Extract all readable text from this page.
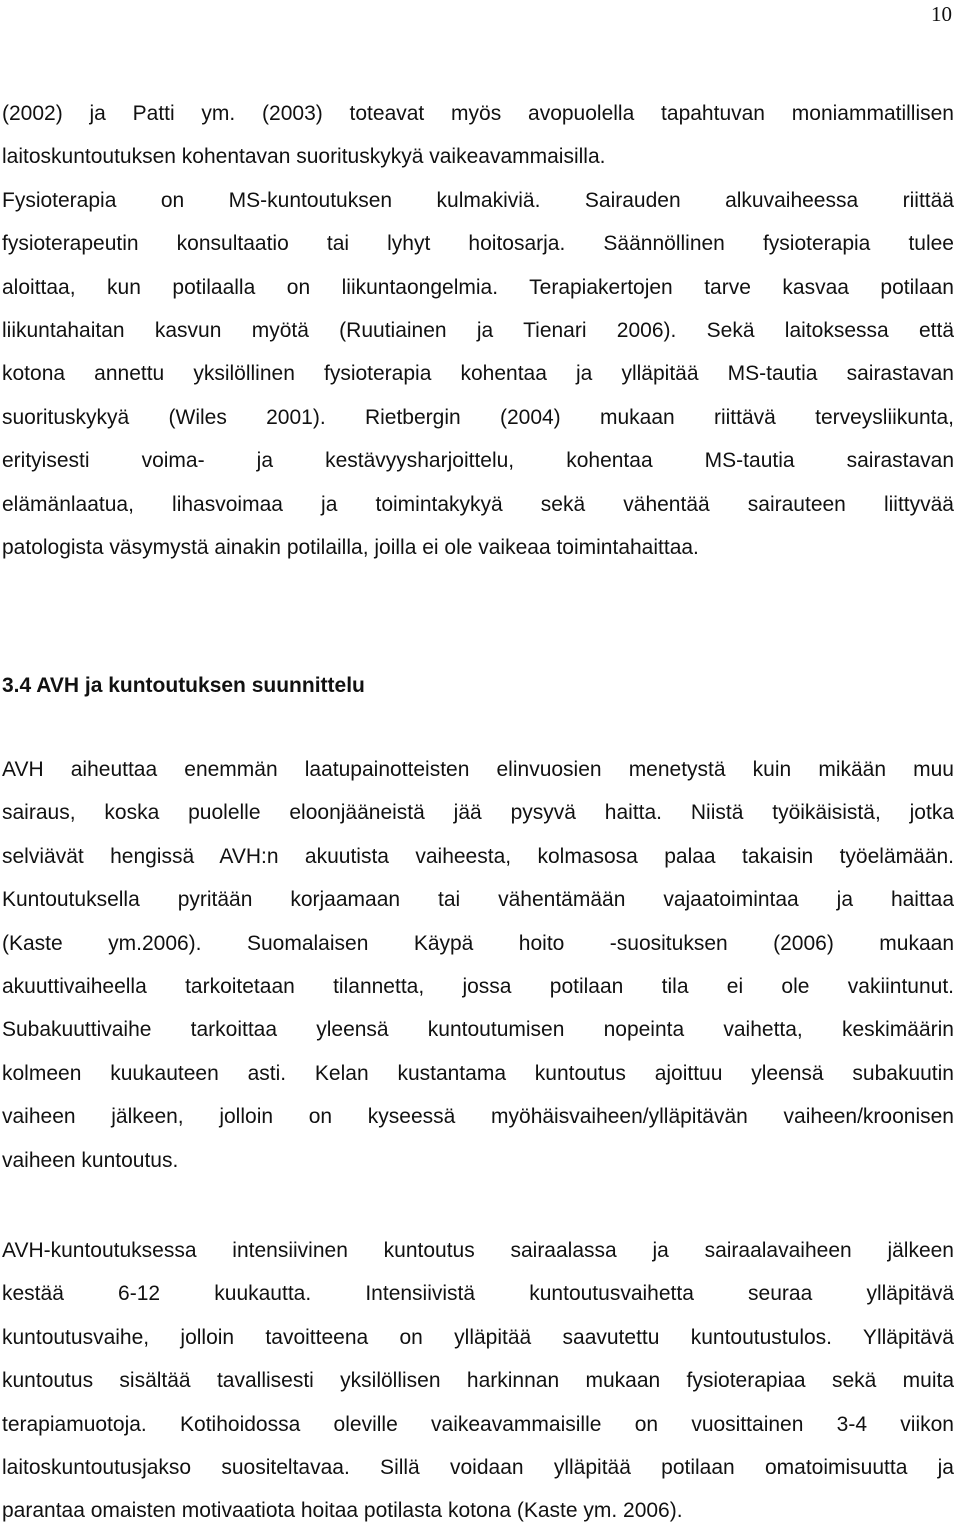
10
(2002) ja Patti ym. (2003) toteavat myös avopuolella tapahtuvan moniammatillisen
laitoskuntoutuksen kohentavan suorituskykyä vaikeavammaisilla.
Fysioterapia on MS-kuntoutuksen kulmakiviä. Sairauden alkuvaiheessa riittää
fysioterapeutin konsultaatio tai lyhyt hoitosarja. Säännöllinen fysioterapia tulee
aloittaa, kun potilaalla on liikuntaongelmia. Terapiakertojen tarve kasvaa potilaan
liikuntahaitan kasvun myötä (Ruutiainen ja Tienari 2006). Sekä laitoksessa että
kotona annettu yksilöllinen fysioterapia kohentaa ja ylläpitää MS-tautia sairastavan
suorituskykyä (Wiles 2001). Rietbergin (2004) mukaan riittävä terveysliikunta,
erityisesti voima- ja kestävyysharjoittelu, kohentaa MS-tautia sairastavan
elämänlaatua, lihasvoimaa ja toimintakykyä sekä vähentää sairauteen liittyvää
patologista väsymystä ainakin potilailla, joilla ei ole vaikeaa toimintahaittaa.
3.4 AVH ja kuntoutuksen suunnittelu
AVH aiheuttaa enemmän laatupainotteisten elinvuosien menetystä kuin mikään muu
sairaus, koska puolelle eloonjääneistä jää pysyvä haitta. Niistä työikäisistä, jotka
selviävät hengissä AVH:n akuutista vaiheesta, kolmasosa palaa takaisin työelämään.
Kuntoutuksella pyritään korjaamaan tai vähentämään vajaatoimintaa ja haittaa
(Kaste ym.2006). Suomalaisen Käypä hoito -suosituksen (2006) mukaan
akuuttivaiheella tarkoitetaan tilannetta, jossa potilaan tila ei ole vakiintunut.
Subakuuttivaihe tarkoittaa yleensä kuntoutumisen nopeinta vaihetta, keskimäärin
kolmeen kuukauteen asti. Kelan kustantama kuntoutus ajoittuu yleensä subakuutin
vaiheen jälkeen, jolloin on kyseessä myöhäisvaiheen/ylläpitävän vaiheen/kroonisen
vaiheen kuntoutus.
AVH-kuntoutuksessa intensiivinen kuntoutus sairaalassa ja sairaalavaiheen jälkeen
kestää 6-12 kuukautta. Intensiivistä kuntoutusvaihetta seuraa ylläpitävä
kuntoutusvaihe, jolloin tavoitteena on ylläpitää saavutettu kuntoutustulos. Ylläpitävä
kuntoutus sisältää tavallisesti yksilöllisen harkinnan mukaan fysioterapiaa sekä muita
terapiamuotoja. Kotihoidossa oleville vaikeavammaisille on vuosittainen 3-4 viikon
laitoskuntoutusjakso suositeltavaa. Sillä voidaan ylläpitää potilaan omatoimisuutta ja
parantaa omaisten motivaatiota hoitaa potilasta kotona (Kaste ym. 2006).
